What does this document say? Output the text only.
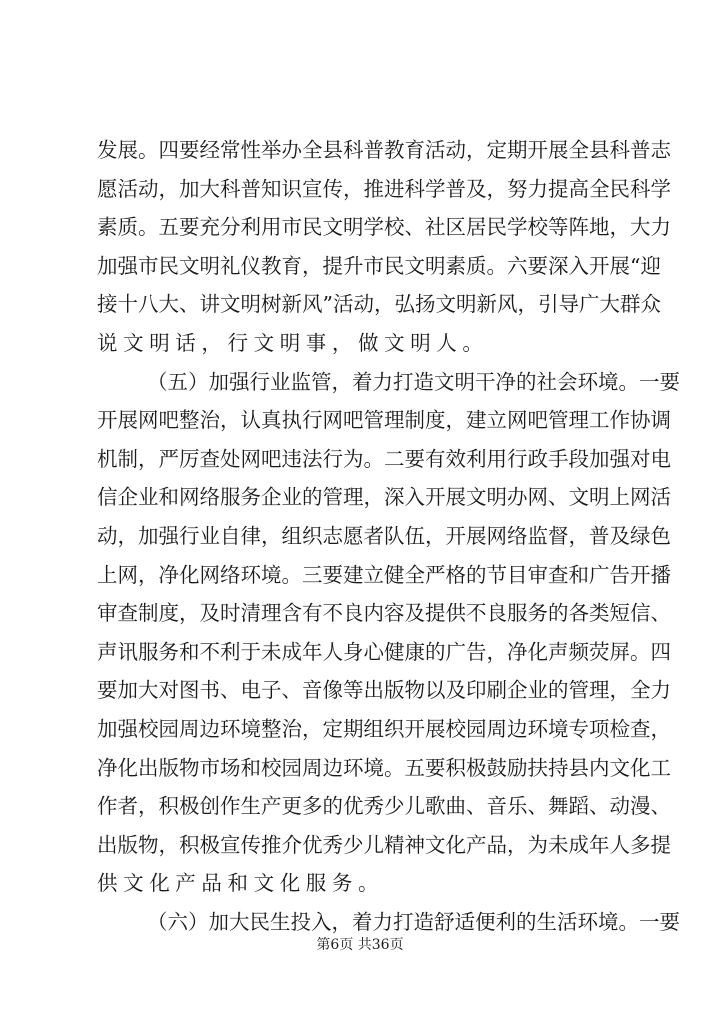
发展。四要经常性举办全县科普教育活动，定期开展全县科普志
愿活动，加大科普知识宣传，推进科学普及，努力提高全民科学
素质。五要充分利用市民文明学校、社区居民学校等阵地，大力
加强市民文明礼仪教育，提升市民文明素质。六要深入开展“迎
接十八大、讲文明树新风”活动，弘扬文明新风，引导广大群众
说文明话，行文明事，做文明人。
（五）加强行业监管，着力打造文明干净的社会环境。一要
开展网吧整治，认真执行网吧管理制度，建立网吧管理工作协调
机制，严厉查处网吧违法行为。二要有效利用行政手段加强对电
信企业和网络服务企业的管理，深入开展文明办网、文明上网活
动，加强行业自律，组织志愿者队伍，开展网络监督，普及绿色
上网，净化网络环境。三要建立健全严格的节目审查和广告开播
审查制度，及时清理含有不良内容及提供不良服务的各类短信、
声讯服务和不利于未成年人身心健康的广告，净化声频荧屏。四
要加大对图书、电子、音像等出版物以及印刷企业的管理，全力
加强校园周边环境整治，定期组织开展校园周边环境专项检查，
净化出版物市场和校园周边环境。五要积极鼓励扶持县内文化工
作者，积极创作生产更多的优秀少儿歌曲、音乐、舞蹈、动漫、
出版物，积极宣传推介优秀少儿精神文化产品，为未成年人多提
供文化产品和文化服务。
（六）加大民生投入，着力打造舒适便利的生活环境。一要
第6页 共36页
